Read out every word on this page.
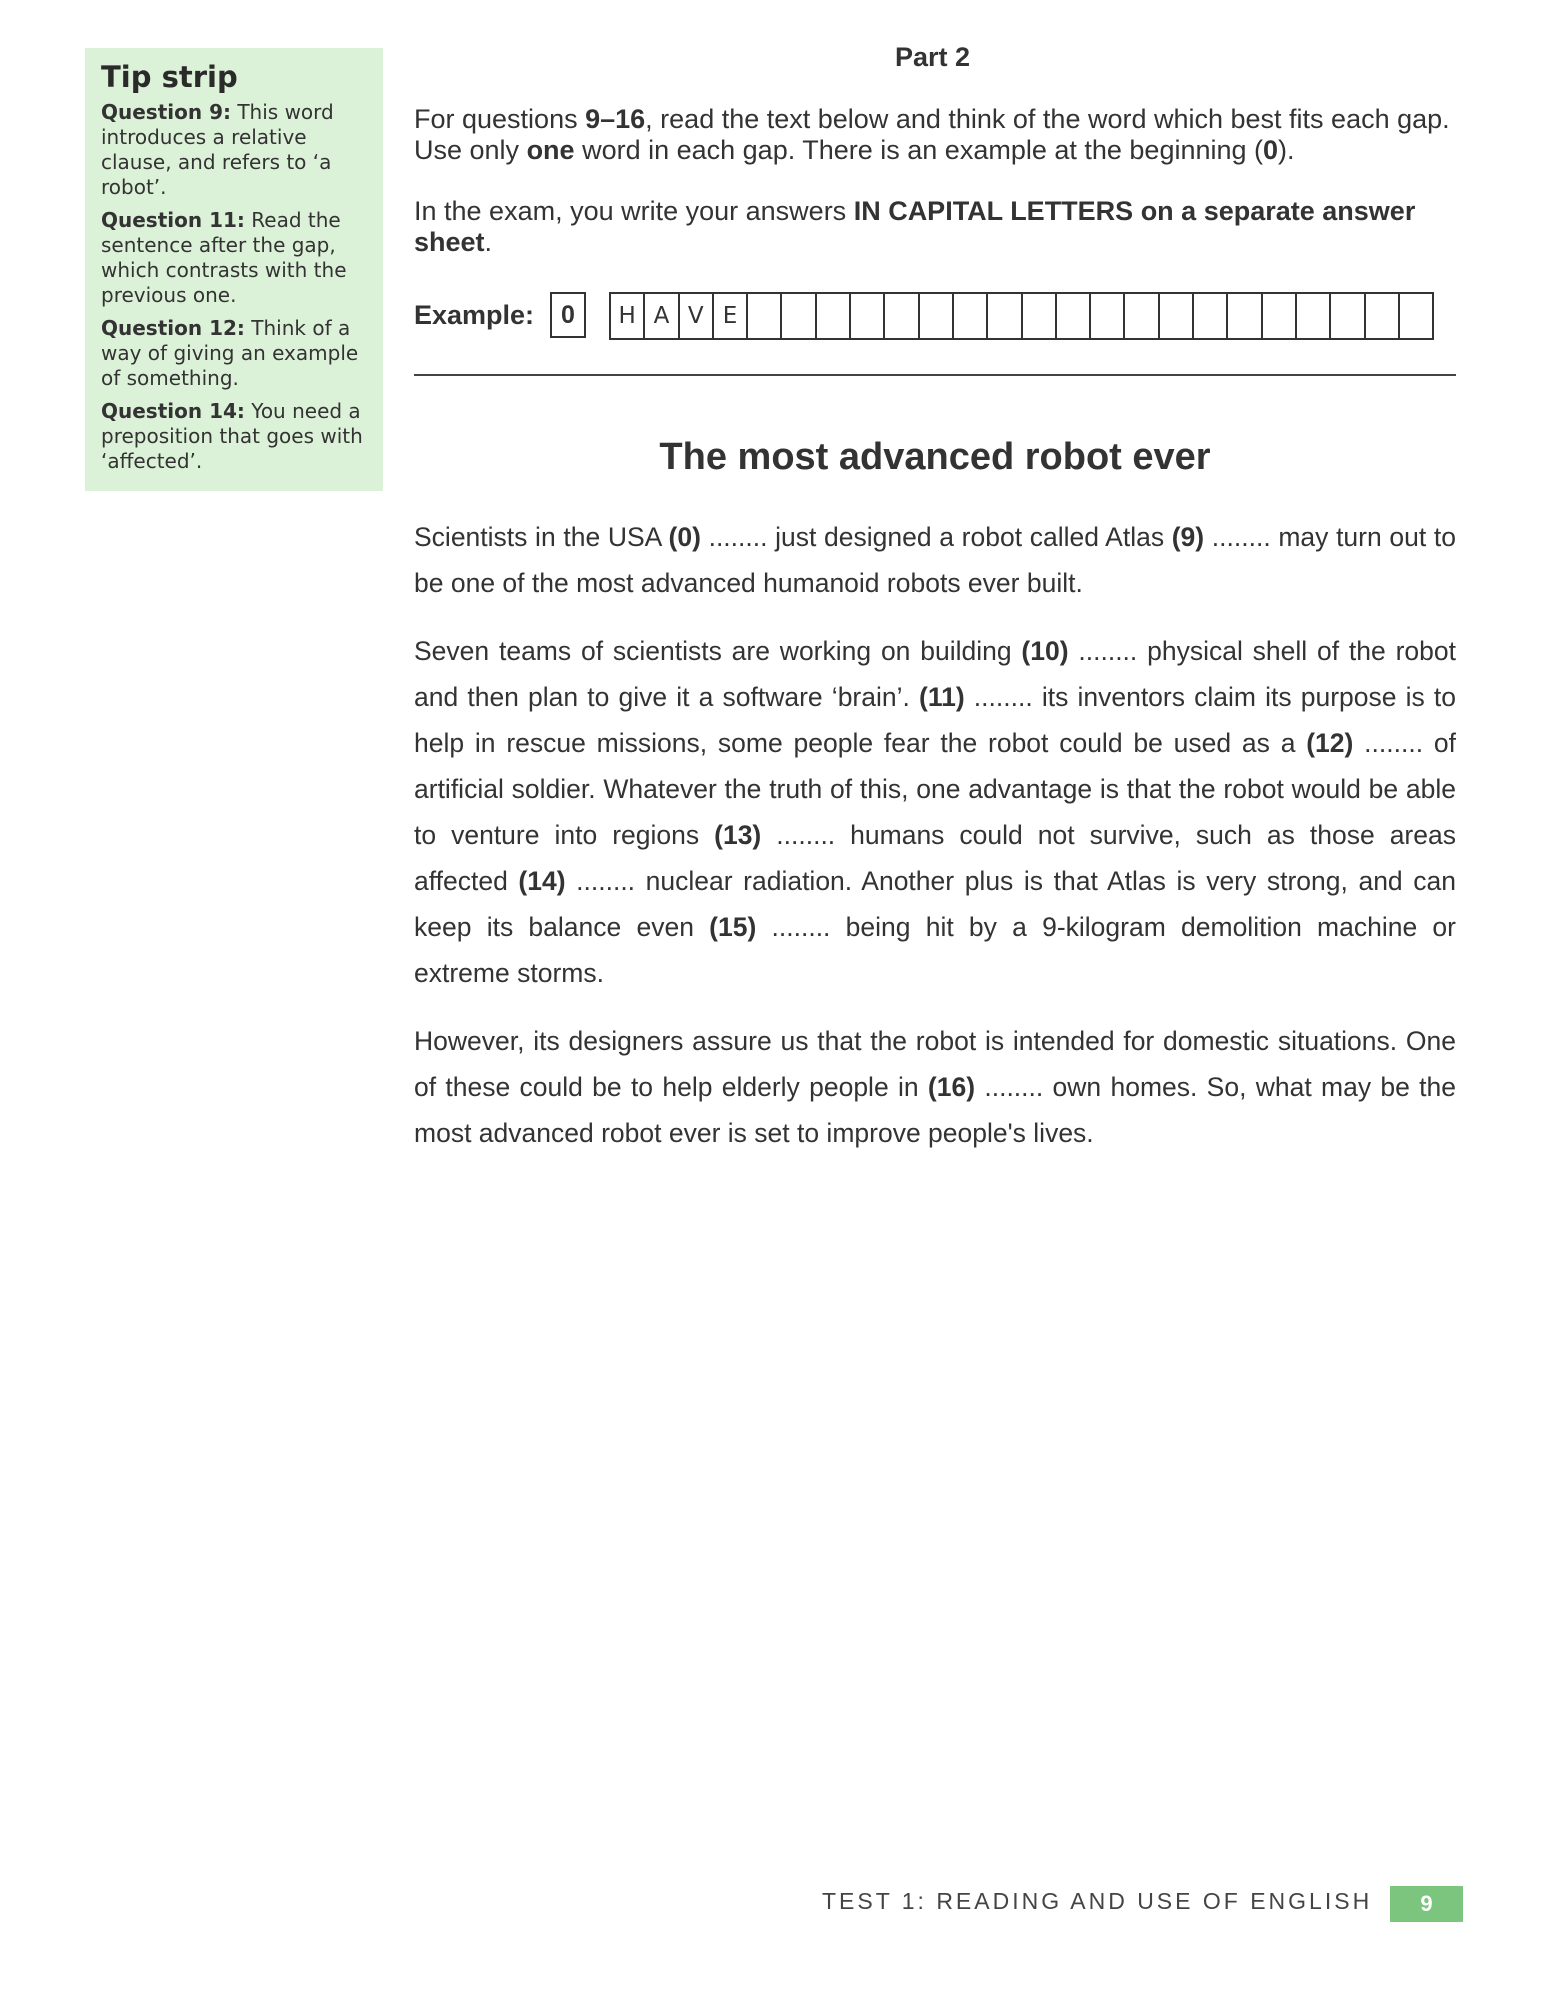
Tip strip

Question 9: This word introduces a relative clause, and refers to ‘a robot’.

Question 11: Read the sentence after the gap, which contrasts with the previous one.

Question 12: Think of a way of giving an example of something.

Question 14: You need a preposition that goes with ‘affected’.

Part 2

For questions 9–16, read the text below and think of the word which best fits each gap. Use only one word in each gap. There is an example at the beginning (0).

In the exam, you write your answers IN CAPITAL LETTERS on a separate answer sheet.

Example:	0	H A V E
The most advanced robot ever

Scientists in the USA (0) ........ just designed a robot called Atlas (9) ........ may turn out to be one of the most advanced humanoid robots ever built.

Seven teams of scientists are working on building (10) ........ physical shell of the robot and then plan to give it a software ‘brain’. (11) ........ its inventors claim its purpose is to help in rescue missions, some people fear the robot could be used as a (12) ........ of artificial soldier. Whatever the truth of this, one advantage is that the robot would be able to venture into regions (13) ........ humans could not survive, such as those areas affected (14) ........ nuclear radiation. Another plus is that Atlas is very strong, and can keep its balance even (15) ........ being hit by a 9-kilogram demolition machine or extreme storms.

However, its designers assure us that the robot is intended for domestic situations. One of these could be to help elderly people in (16) ........ own homes. So, what may be the most advanced robot ever is set to improve people's lives.

TEST 1: READING AND USE OF ENGLISH	9
